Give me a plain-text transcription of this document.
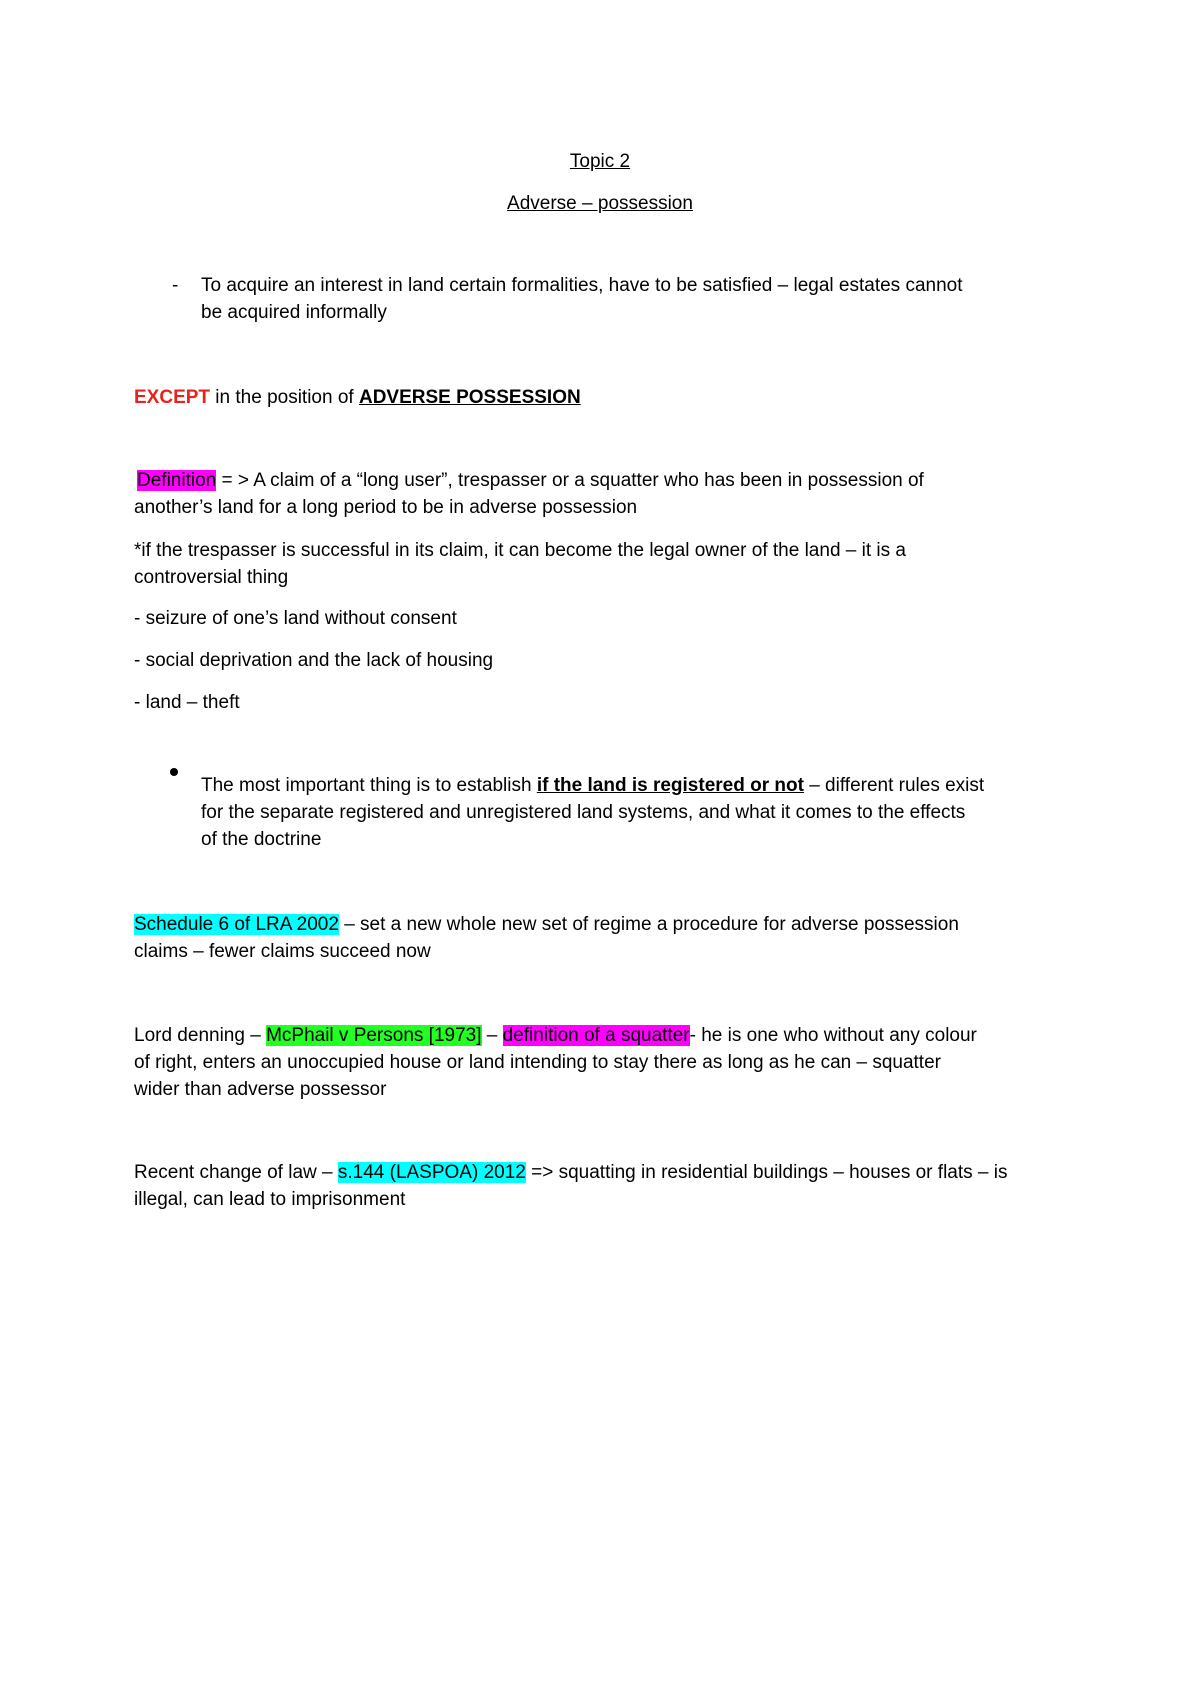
Topic 2
Adverse – possession
- To acquire an interest in land certain formalities, have to be satisfied – legal estates cannot
be acquired informally
EXCEPT in the position of ADVERSE POSSESSION
Definition = > A claim of a “long user”, trespasser or a squatter who has been in possession of
another’s land for a long period to be in adverse possession
*if the trespasser is successful in its claim, it can become the legal owner of the land – it is a
controversial thing
- seizure of one’s land without consent
- social deprivation and the lack of housing
- land – theft
The most important thing is to establish if the land is registered or not – different rules exist
for the separate registered and unregistered land systems, and what it comes to the effects
of the doctrine
Schedule 6 of LRA 2002 – set a new whole new set of regime a procedure for adverse possession
claims – fewer claims succeed now
Lord denning – McPhail v Persons [1973] – definition of a squatter- he is one who without any colour
of right, enters an unoccupied house or land intending to stay there as long as he can – squatter
wider than adverse possessor
Recent change of law – s.144 (LASPOA) 2012 => squatting in residential buildings – houses or flats – is
illegal, can lead to imprisonment
